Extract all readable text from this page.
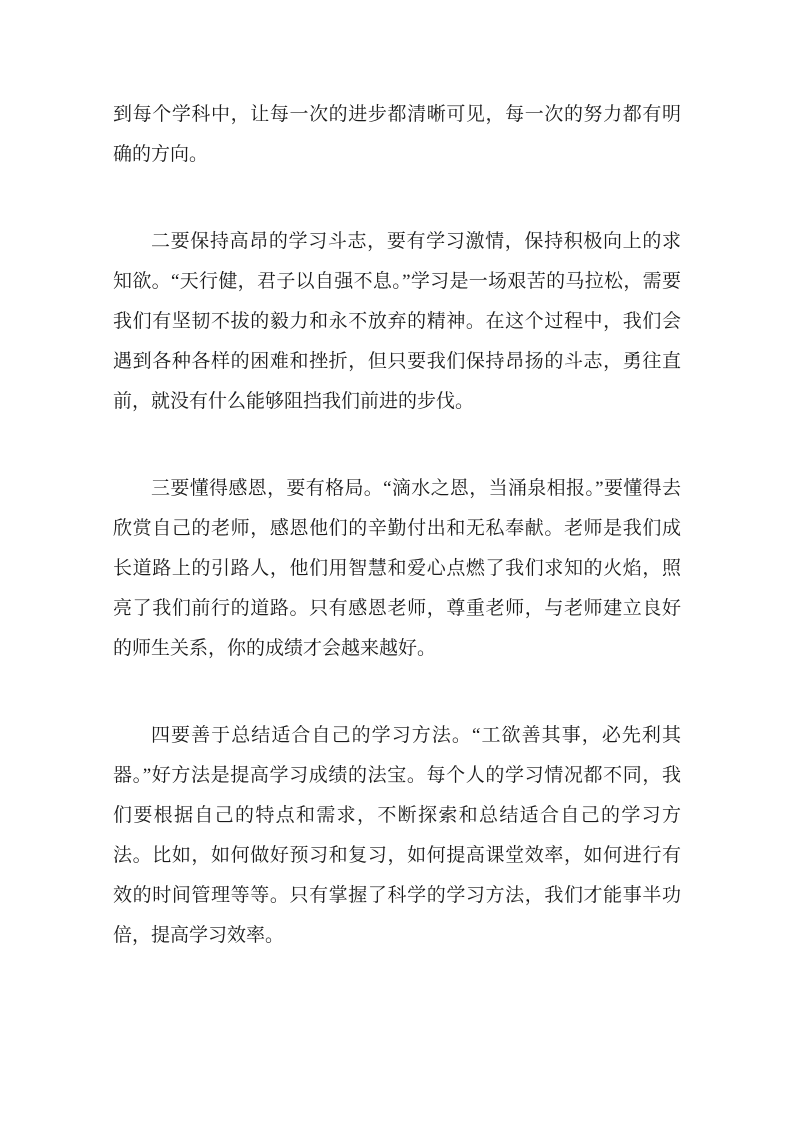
到每个学科中，让每一次的进步都清晰可见，每一次的努力都有明确的方向。

二要保持高昂的学习斗志，要有学习激情，保持积极向上的求知欲。“天行健，君子以自强不息。”学习是一场艰苦的马拉松，需要我们有坚韧不拔的毅力和永不放弃的精神。在这个过程中，我们会遇到各种各样的困难和挫折，但只要我们保持昂扬的斗志，勇往直前，就没有什么能够阻挡我们前进的步伐。

三要懂得感恩，要有格局。“滴水之恩，当涌泉相报。”要懂得去欣赏自己的老师，感恩他们的辛勤付出和无私奉献。老师是我们成长道路上的引路人，他们用智慧和爱心点燃了我们求知的火焰，照亮了我们前行的道路。只有感恩老师，尊重老师，与老师建立良好的师生关系，你的成绩才会越来越好。

四要善于总结适合自己的学习方法。“工欲善其事，必先利其器。”好方法是提高学习成绩的法宝。每个人的学习情况都不同，我们要根据自己的特点和需求，不断探索和总结适合自己的学习方法。比如，如何做好预习和复习，如何提高课堂效率，如何进行有效的时间管理等等。只有掌握了科学的学习方法，我们才能事半功倍，提高学习效率。
